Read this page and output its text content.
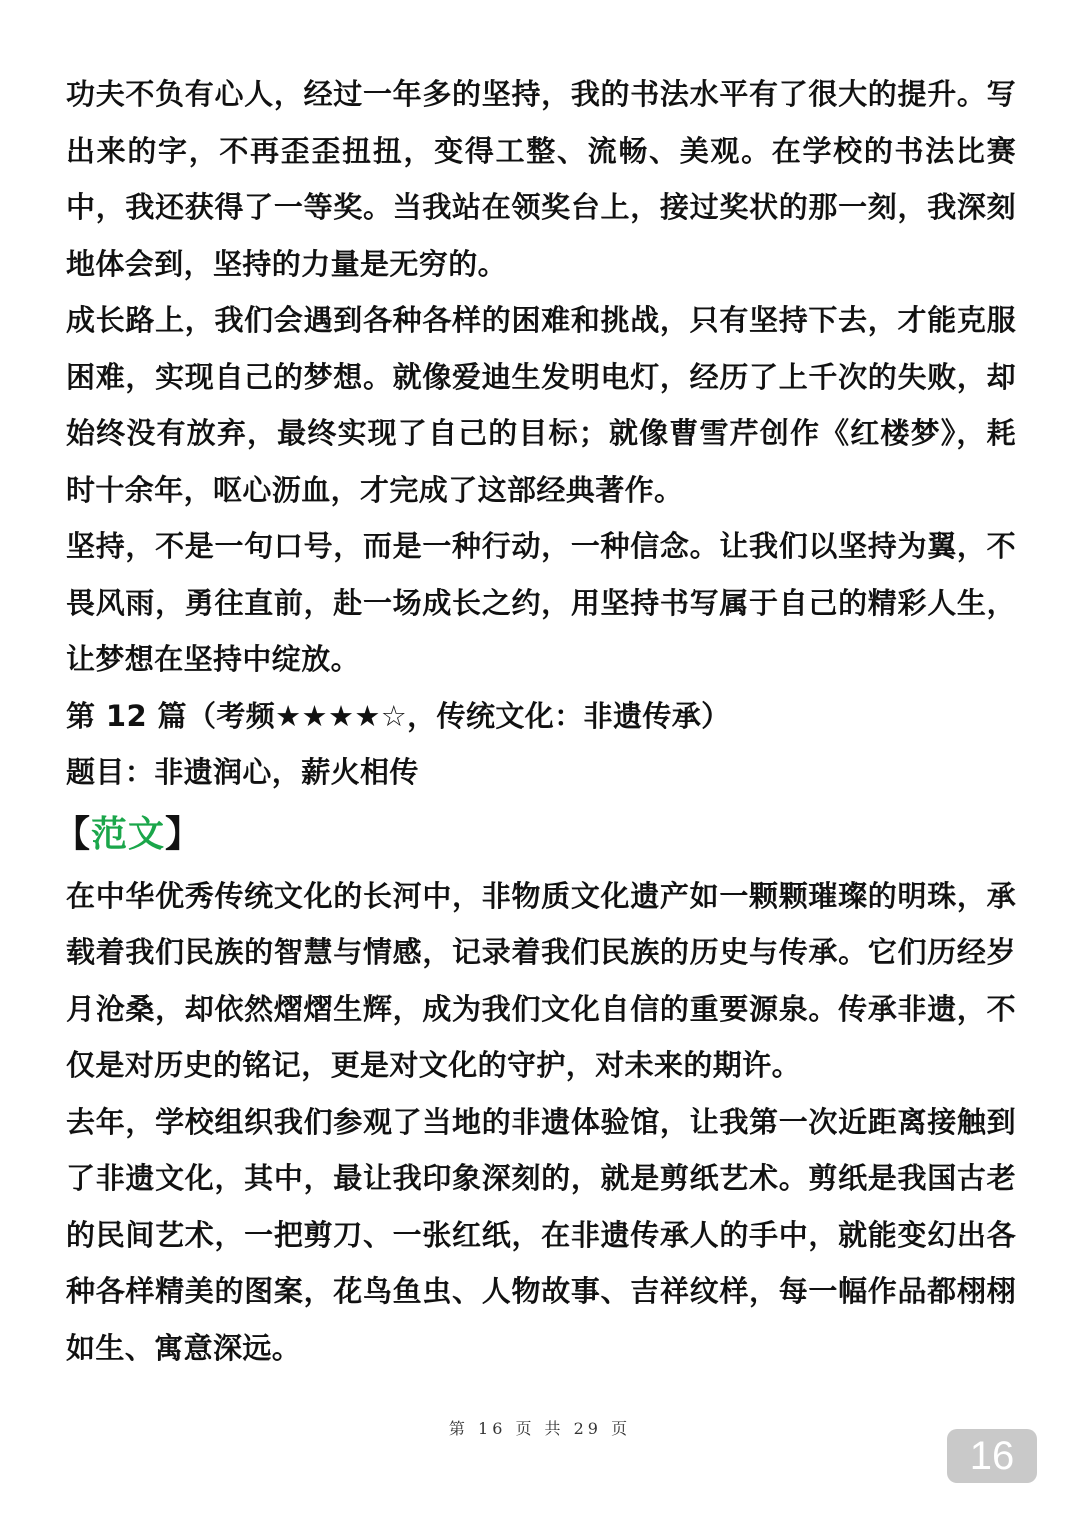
功夫不负有心人，经过一年多的坚持，我的书法水平有了很大的提升。写出来的字，不再歪歪扭扭，变得工整、流畅、美观。在学校的书法比赛中，我还获得了一等奖。当我站在领奖台上，接过奖状的那一刻，我深刻地体会到，坚持的力量是无穷的。

成长路上，我们会遇到各种各样的困难和挑战，只有坚持下去，才能克服困难，实现自己的梦想。就像爱迪生发明电灯，经历了上千次的失败，却始终没有放弃，最终实现了自己的目标；就像曹雪芹创作《红楼梦》，耗时十余年，呕心沥血，才完成了这部经典著作。

坚持，不是一句口号，而是一种行动，一种信念。让我们以坚持为翼，不畏风雨，勇往直前，赴一场成长之约，用坚持书写属于自己的精彩人生，让梦想在坚持中绽放。

第 12 篇（考频★★★★☆，传统文化：非遗传承）

题目：非遗润心，薪火相传

【范文】

在中华优秀传统文化的长河中，非物质文化遗产如一颗颗璀璨的明珠，承载着我们民族的智慧与情感，记录着我们民族的历史与传承。它们历经岁月沧桑，却依然熠熠生辉，成为我们文化自信的重要源泉。传承非遗，不仅是对历史的铭记，更是对文化的守护，对未来的期许。

去年，学校组织我们参观了当地的非遗体验馆，让我第一次近距离接触到了非遗文化，其中，最让我印象深刻的，就是剪纸艺术。剪纸是我国古老的民间艺术，一把剪刀、一张红纸，在非遗传承人的手中，就能变幻出各种各样精美的图案，花鸟鱼虫、人物故事、吉祥纹样，每一幅作品都栩栩如生、寓意深远。

第 16 页 共 29 页
16
